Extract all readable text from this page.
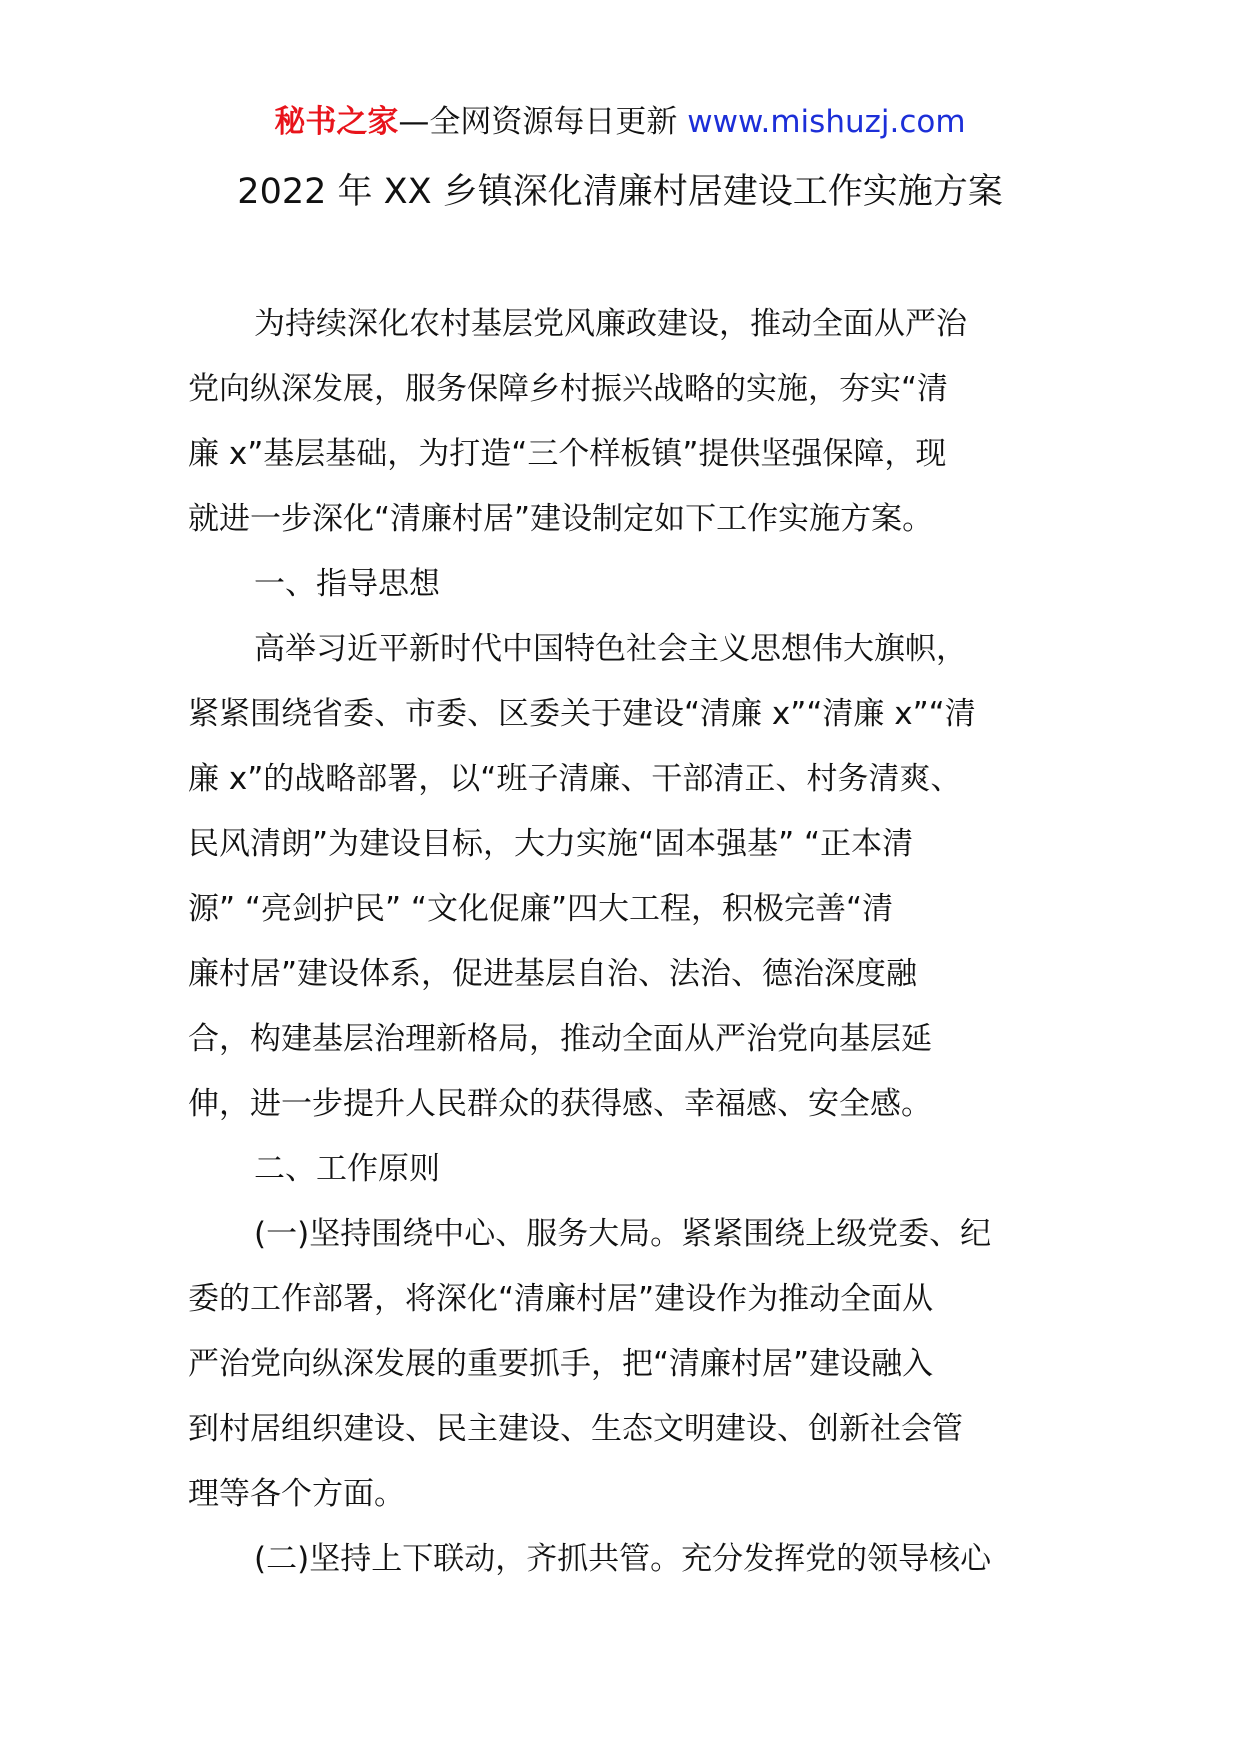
秘书之家—全网资源每日更新 www.mishuzj.com
2022 年 XX 乡镇深化清廉村居建设工作实施方案
为持续深化农村基层党风廉政建设，推动全面从严治
党向纵深发展，服务保障乡村振兴战略的实施，夯实“清
廉 x”基层基础，为打造“三个样板镇”提供坚强保障，现
就进一步深化“清廉村居”建设制定如下工作实施方案。
一、指导思想
高举习近平新时代中国特色社会主义思想伟大旗帜，
紧紧围绕省委、市委、区委关于建设“清廉 x”“清廉 x”“清
廉 x”的战略部署，以“班子清廉、干部清正、村务清爽、
民风清朗”为建设目标，大力实施“固本强基” “正本清
源” “亮剑护民” “文化促廉”四大工程，积极完善“清
廉村居”建设体系，促进基层自治、法治、德治深度融
合，构建基层治理新格局，推动全面从严治党向基层延
伸，进一步提升人民群众的获得感、幸福感、安全感。
二、工作原则
(一)坚持围绕中心、服务大局。紧紧围绕上级党委、纪
委的工作部署，将深化“清廉村居”建设作为推动全面从
严治党向纵深发展的重要抓手，把“清廉村居”建设融入
到村居组织建设、民主建设、生态文明建设、创新社会管
理等各个方面。
(二)坚持上下联动，齐抓共管。充分发挥党的领导核心
